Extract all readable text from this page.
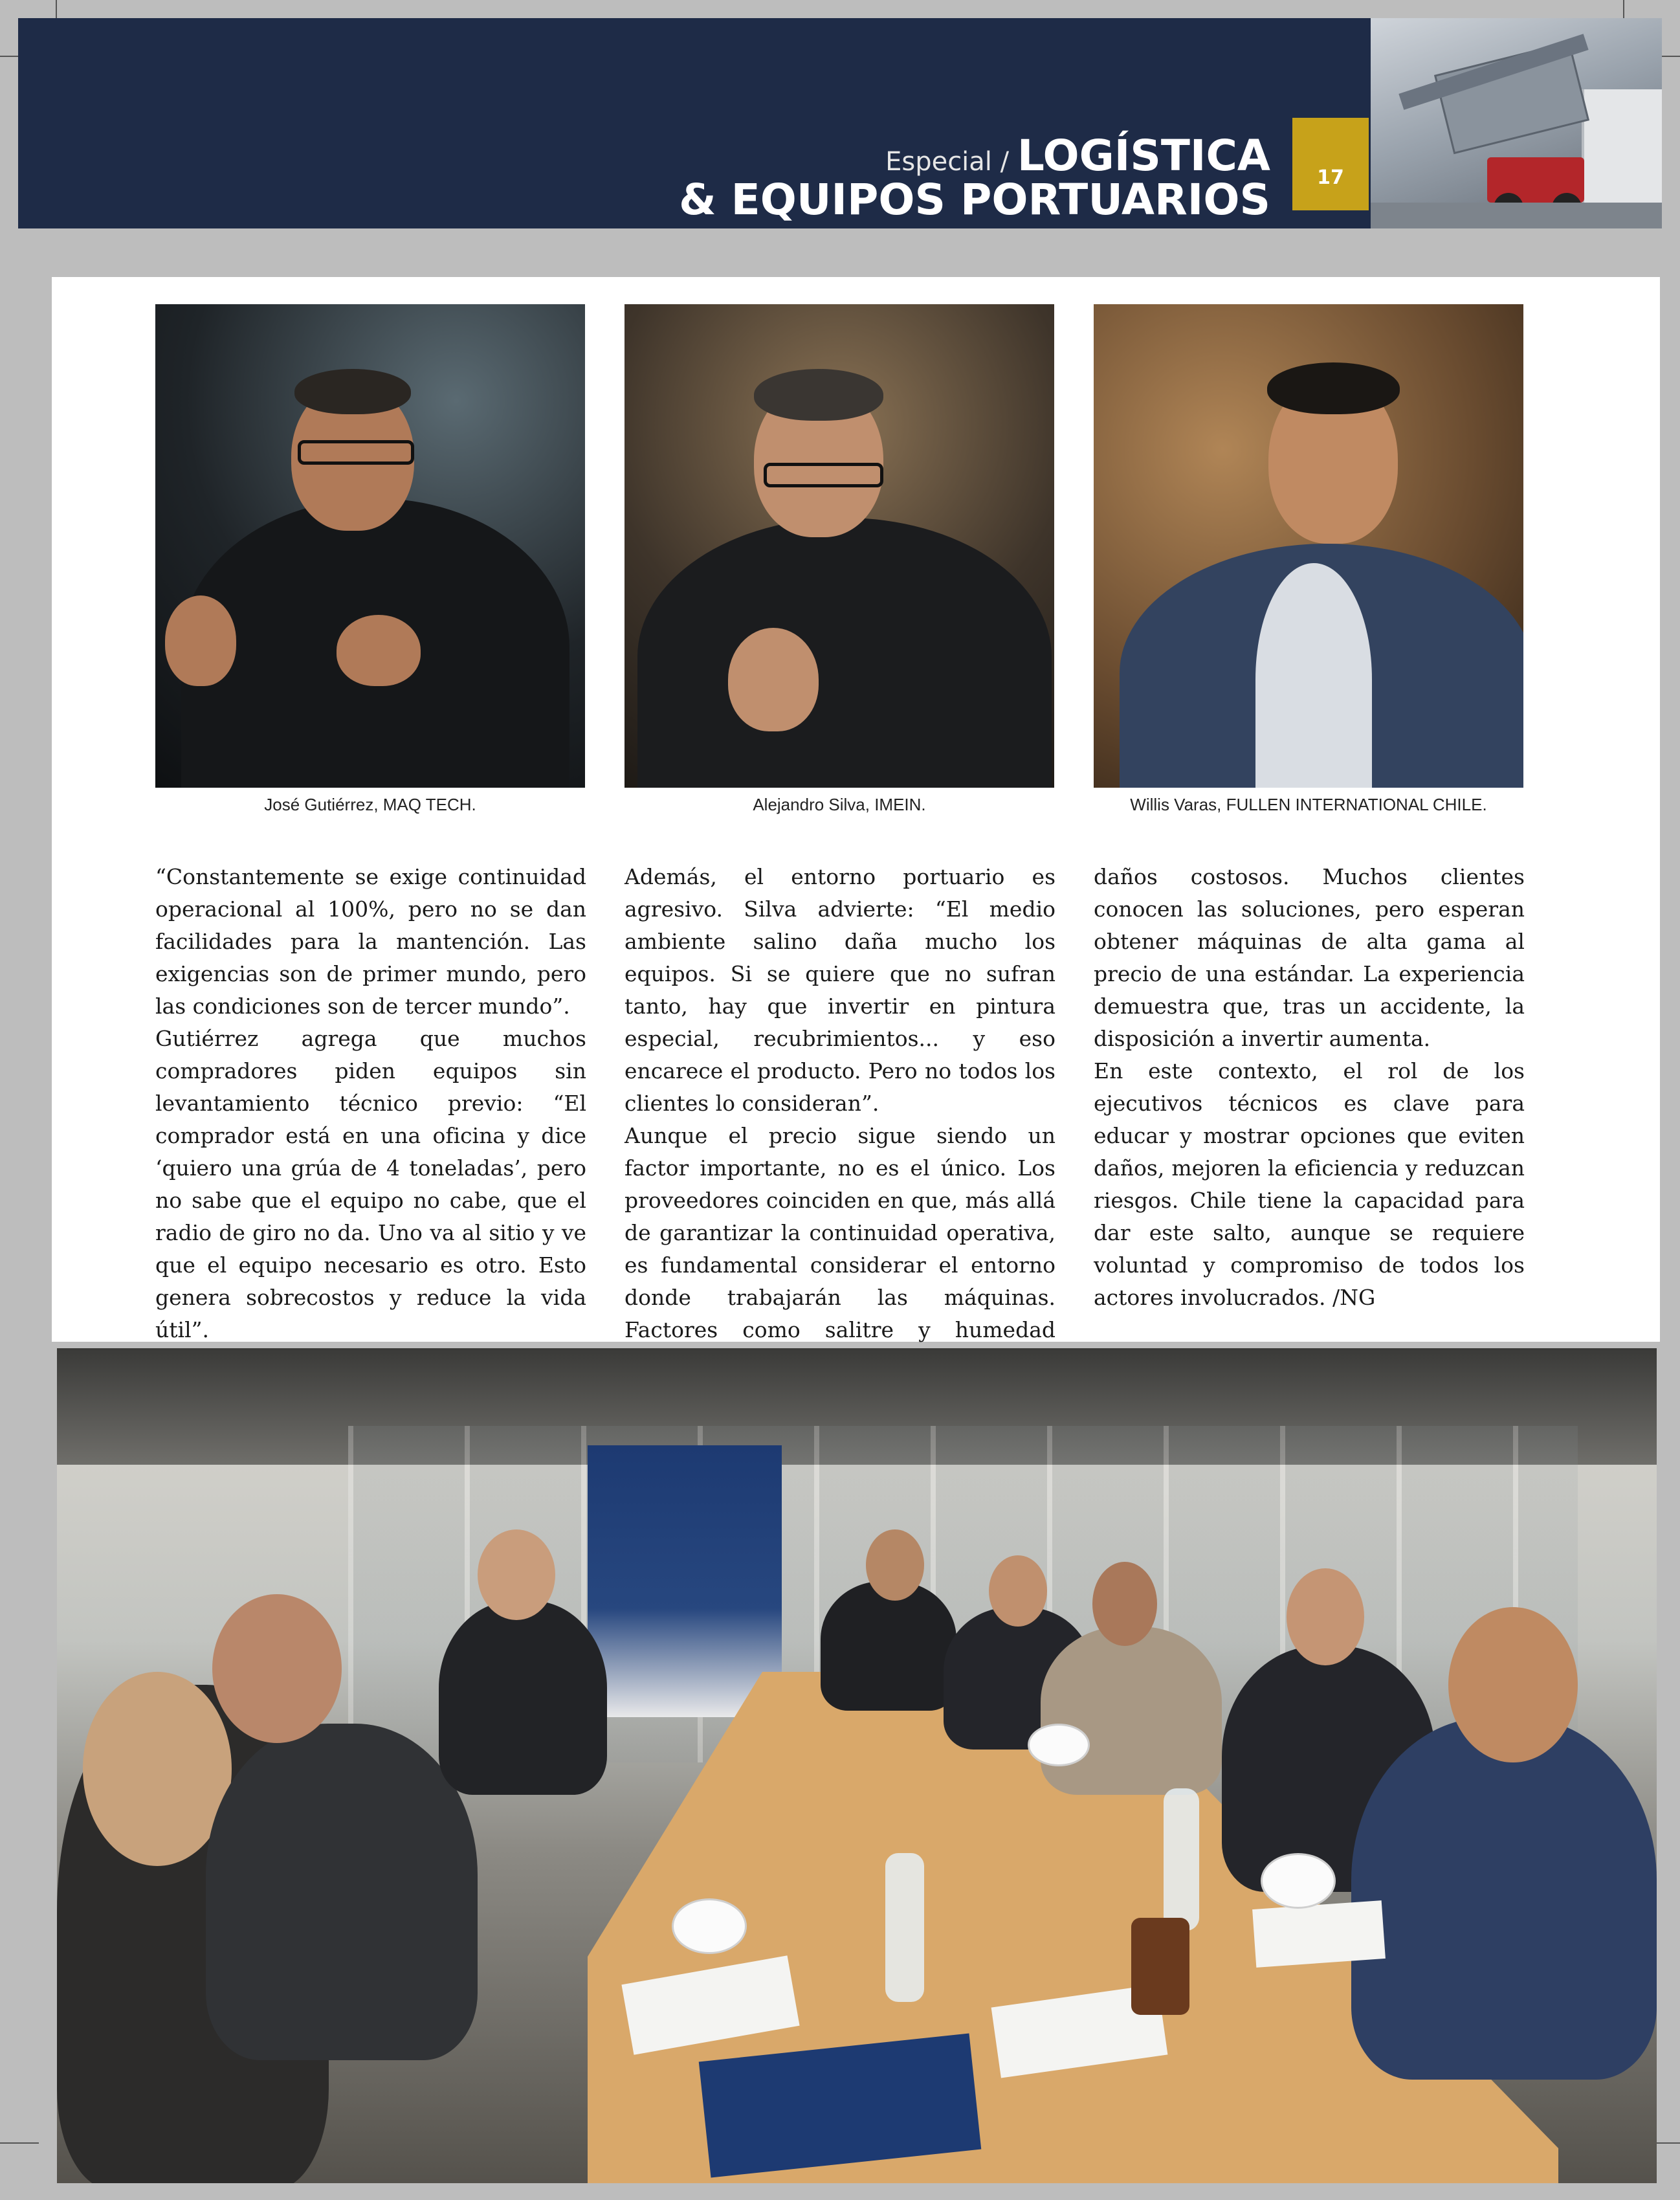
Especial / LOGÍSTICA
& EQUIPOS PORTUARIOS	17
José Gutiérrez, MAQ TECH.	Alejandro Silva, IMEIN.	Willis Varas, FULLEN INTERNATIONAL CHILE.

“Constantemente se exige continuidad operacional al 100%, pero no se dan facilidades para la mantención. Las exigencias son de primer mundo, pero las condiciones son de tercer mundo”.

Gutiérrez agrega que muchos compradores piden equipos sin levantamiento técnico previo: “El comprador está en una oficina y dice ‘quiero una grúa de 4 toneladas’, pero no sabe que el equipo no cabe, que el radio de giro no da. Uno va al sitio y ve que el equipo necesario es otro. Esto genera sobrecostos y reduce la vida útil”.

Además, el entorno portuario es agresivo. Silva advierte: “El medio ambiente salino daña mucho los equipos. Si se quiere que no sufran tanto, hay que invertir en pintura especial, recubrimientos... y eso encarece el producto. Pero no todos los clientes lo consideran”.

Aunque el precio sigue siendo un factor importante, no es el único. Los proveedores coinciden en que, más allá de garantizar la continuidad operativa, es fundamental considerar el entorno donde trabajarán las máquinas. Factores como salitre y humedad

daños costosos. Muchos clientes conocen las soluciones, pero esperan obtener máquinas de alta gama al precio de una estándar. La experiencia demuestra que, tras un accidente, la disposición a invertir aumenta.

En este contexto, el rol de los ejecutivos técnicos es clave para educar y mostrar opciones que eviten daños, mejoren la eficiencia y reduzcan riesgos. Chile tiene la capacidad para dar este salto, aunque se requiere voluntad y compromiso de todos los actores involucrados. /NG
